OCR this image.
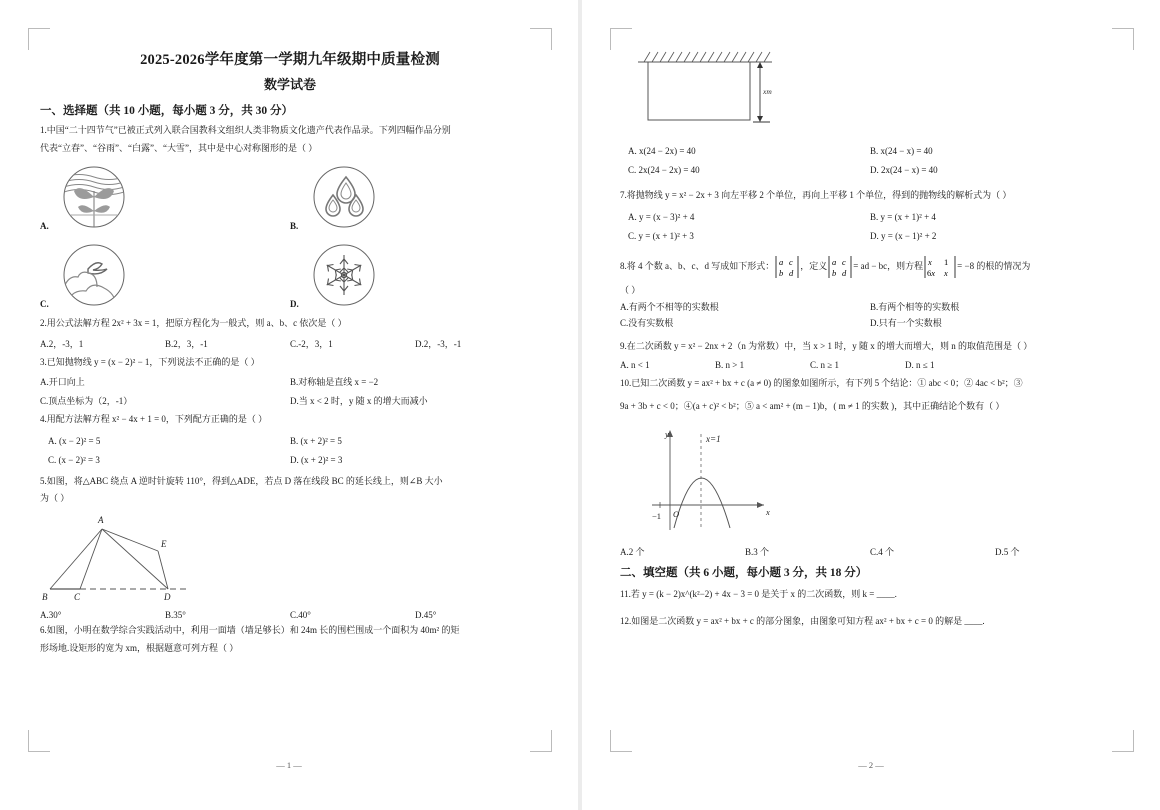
2025-2026学年度第一学期九年级期中质量检测
数学试卷
一、选择题（共 10 小题，每小题 3 分，共 30 分）
1.中国“二十四节气”已被正式列入联合国教科文组织人类非物质文化遗产代表作品录。下列四幅作品分别
代表“立春”、“谷雨”、“白露”、“大雪”，其中是中心对称图形的是（ ）
A.	B.
C.	D.
2.用公式法解方程 2x² + 3x = 1，把原方程化为一般式，则 a、b、c 依次是（ ）
A.2，-3，1	B.2，3，-1	C.-2，3，1	D.2，-3，-1
3.已知抛物线 y = (x − 2)² − 1，下列说法不正确的是（ ）
A.开口向上	B.对称轴是直线 x = −2
C.顶点坐标为（2，-1）	D.当 x < 2 时，y 随 x 的增大而减小
4.用配方法解方程 x² − 4x + 1 = 0，下列配方正确的是（ ）
A. (x − 2)² = 5	B. (x + 2)² = 5
C. (x − 2)² = 3	D. (x + 2)² = 3
5.如图，将△ABC 绕点 A 逆时针旋转 110°，得到△ADE，若点 D 落在线段 BC 的延长线上，则∠B 大小
为（ ）
A
E
B	C	D
A.30°	B.35°	C.40°	D.45°
6.如图，小明在数学综合实践活动中，利用一面墙（墙足够长）和 24m 长的围栏围成一个面积为 40m² 的矩
形场地.设矩形的宽为 xm，根据题意可列方程（ ）
— 1 —
xm
A. x(24 − 2x) = 40	B. x(24 − x) = 40
C. 2x(24 − 2x) = 40	D. 2x(24 − x) = 40
7.将抛物线 y = x² − 2x + 3 向左平移 2 个单位，再向上平移 1 个单位，得到的抛物线的解析式为（ ）
A. y = (x − 3)² + 4	B. y = (x + 1)² + 4
C. y = (x + 1)² + 3	D. y = (x − 1)² + 2
8.将 4 个数 a、b、c、d 写成如下形式： a c
b d
，定义 a c
b d
= ad − bc，则方程 x 1
6x x
= −8 的根的情况为
（ ）
A.有两个不相等的实数根	B.有两个相等的实数根
C.没有实数根	D.只有一个实数根
9.在二次函数 y = x² − 2nx + 2（n 为常数）中，当 x > 1 时，y 随 x 的增大而增大，则 n 的取值范围是（ ）
A. n < 1	B. n > 1	C. n ≥ 1	D. n ≤ 1
10.已知二次函数 y = ax² + bx + c (a ≠ 0) 的图象如图所示，有下列 5 个结论：① abc < 0；② 4ac < b²；③
9a + 3b + c < 0；④(a + c)² < b²；⑤ a < am² + (m − 1)b，( m ≠ 1 的实数 )，其中正确结论个数有（ ）
x=1
y
x
O
−1
A.2 个	B.3 个	C.4 个	D.5 个
二、填空题（共 6 小题，每小题 3 分，共 18 分）
11.若 y = (k − 2)x^(k²−2) + 4x − 3 = 0 是关于 x 的二次函数，则 k = ____.
12.如图是二次函数 y = ax² + bx + c 的部分图象，由图象可知方程 ax² + bx + c = 0 的解是 ____.
— 2 —
